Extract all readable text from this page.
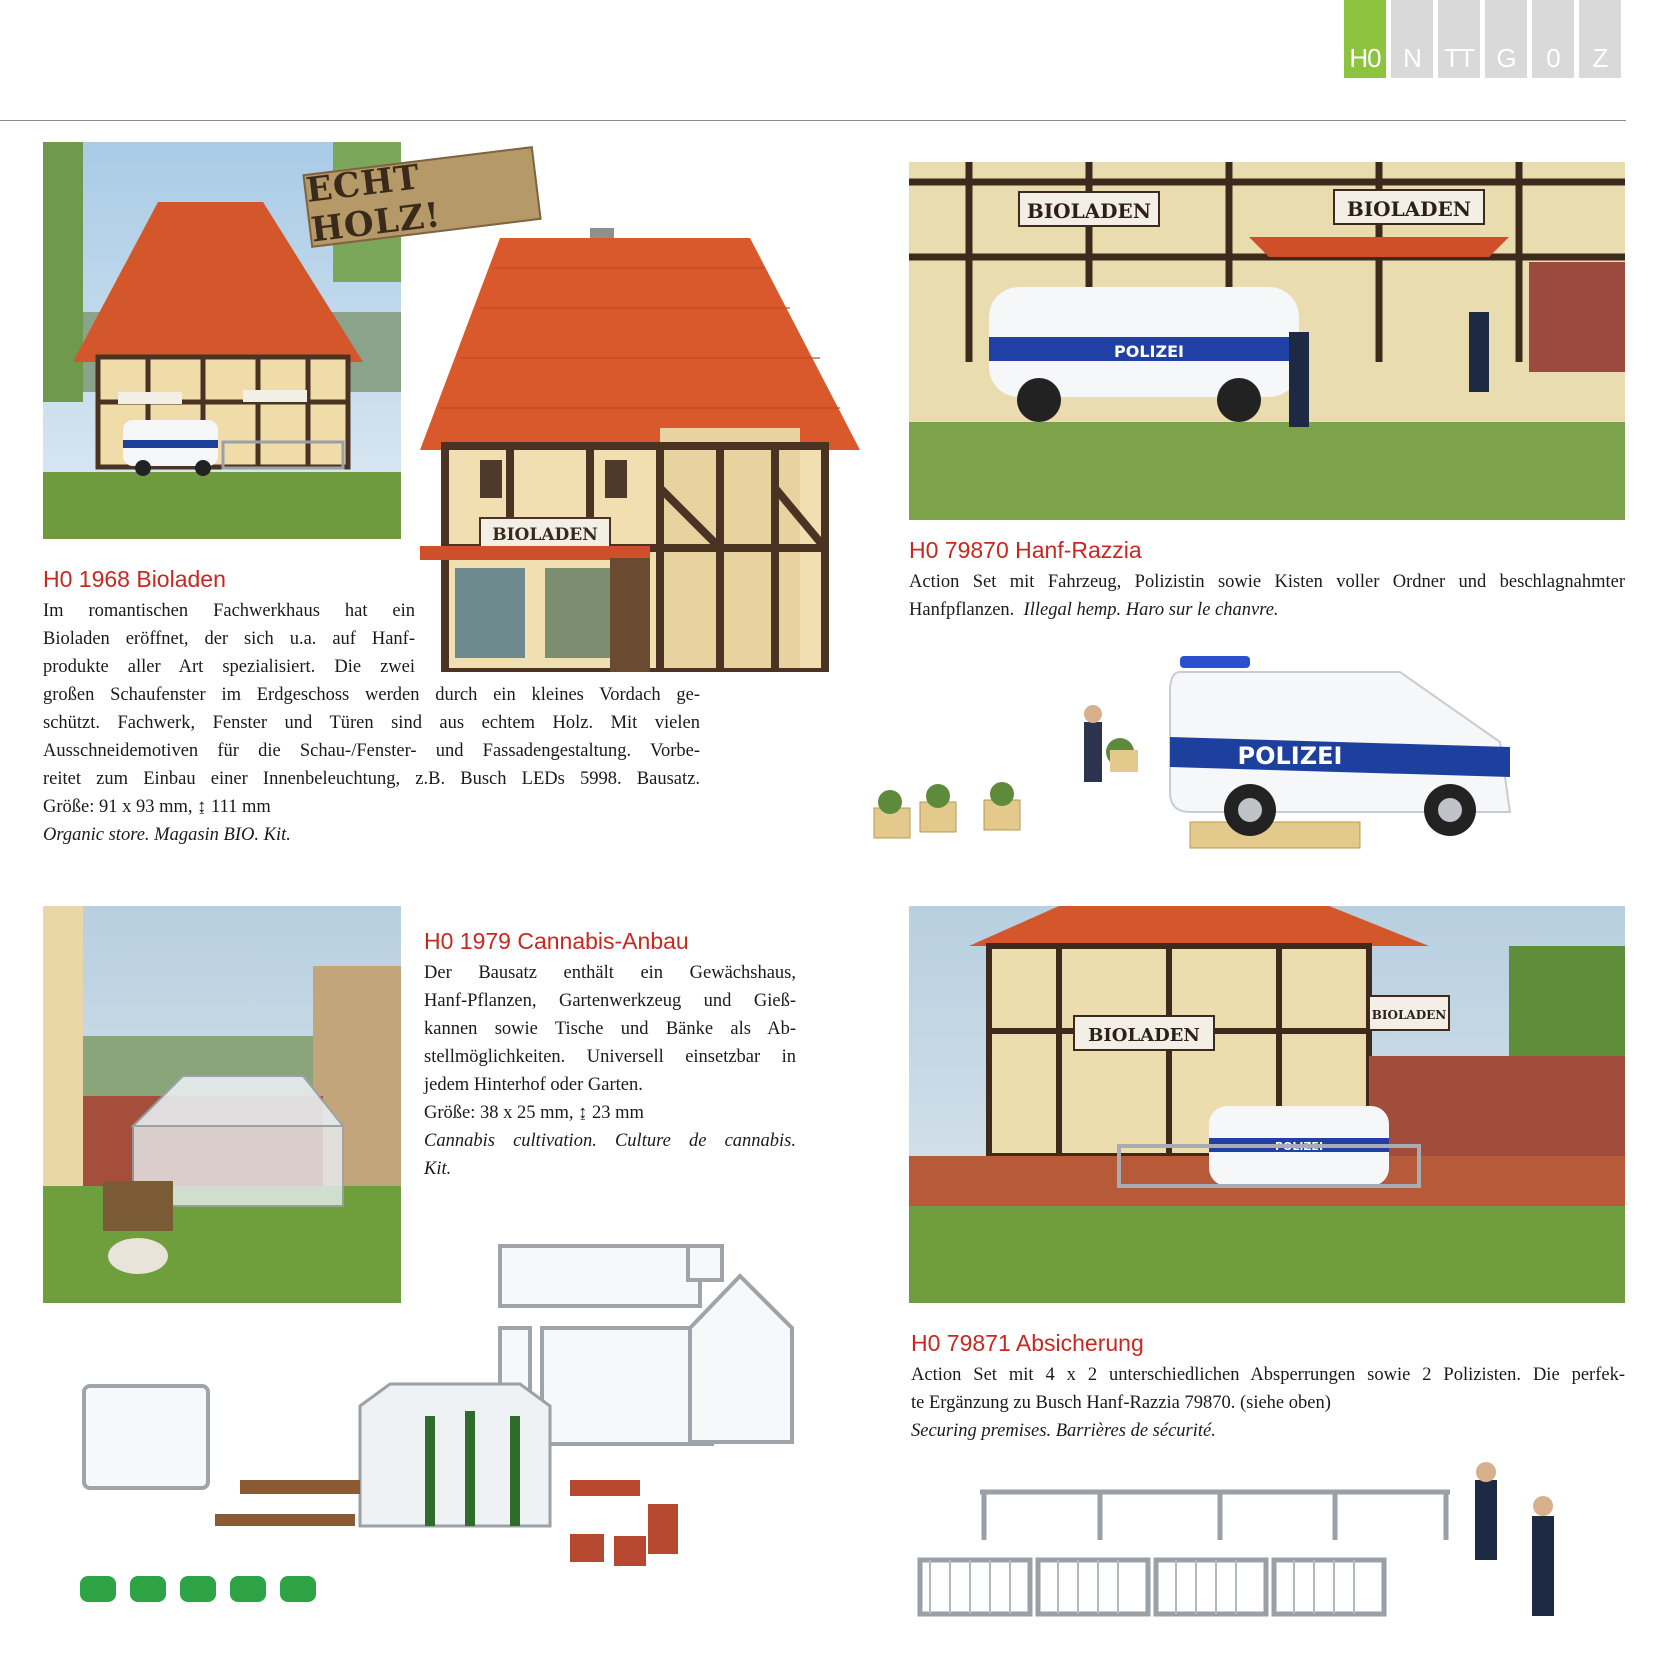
H0 N TT G	0	Z
ECHT HOLZ!
BIOLADEN
H0 1968 Bioladen

Im romantischen Fachwerkhaus hat ein

Bioladen eröffnet, der sich u.a. auf Hanf-

produkte aller Art spezialisiert. Die zwei

großen Schaufenster im Erdgeschoss werden durch ein kleines Vordach ge-

schützt. Fachwerk, Fenster und Türen sind aus echtem Holz. Mit vielen

Ausschneidemotiven für die Schau-/Fenster- und Fassadengestaltung. Vorbe-

reitet zum Einbau einer Innenbeleuchtung, z.B. Busch LEDs 5998. Bausatz.

Größe: 91 x 93 mm, ↨ 111 mm

Organic store. Magasin BIO. Kit.

BIOLADEN	BIOLADEN
POLIZEI
H0 79870 Hanf-Razzia

Action Set mit Fahrzeug, Polizistin sowie Kisten voller Ordner und beschlagnahmter

Hanfpflanzen. Illegal hemp. Haro sur le chanvre.

POLIZEI
H0 1979 Cannabis-Anbau

Der Bausatz enthält ein Gewächshaus,

Hanf-Pflanzen, Gartenwerkzeug und Gieß-

kannen sowie Tische und Bänke als Ab-

stellmöglichkeiten. Universell einsetzbar in

jedem Hinterhof oder Garten.

Größe: 38 x 25 mm, ↨ 23 mm

Cannabis cultivation. Culture de cannabis.

Kit.

BIOLADEN
BIOLADEN
POLIZEI
H0 79871 Absicherung

Action Set mit 4 x 2 unterschiedlichen Absperrungen sowie 2 Polizisten. Die perfek-

te Ergänzung zu Busch Hanf-Razzia 79870. (siehe oben)

Securing premises. Barrières de sécurité.
